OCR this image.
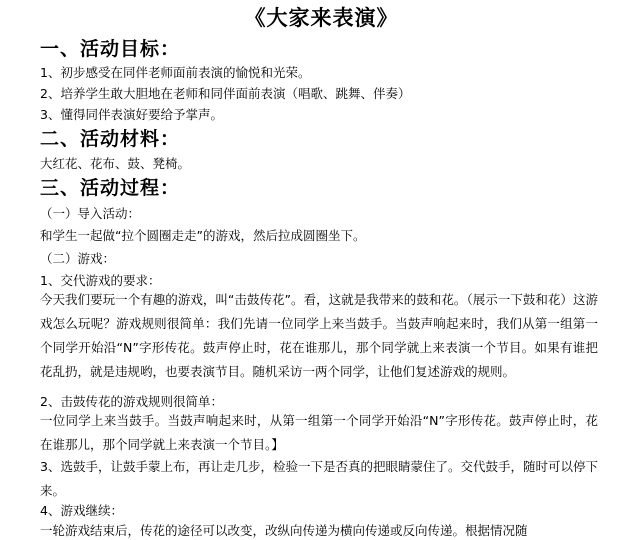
《大家来表演》
一、活动目标：
1、初步感受在同伴老师面前表演的愉悦和光荣。
2、培养学生敢大胆地在老师和同伴面前表演（唱歌、跳舞、伴奏）
3、懂得同伴表演好要给予掌声。
二、活动材料：
大红花、花布、鼓、凳椅。
三、活动过程：
（一）导入活动：
和学生一起做“拉个圆圈走走”的游戏，然后拉成圆圈坐下。
（二）游戏：
1、交代游戏的要求：
今天我们要玩一个有趣的游戏，叫“击鼓传花”。看，这就是我带来的鼓和花。（展示一下鼓和花）这游戏怎么玩呢？游戏规则很简单：我们先请一位同学上来当鼓手。当鼓声响起来时，我们从第一组第一个同学开始沿“N”字形传花。鼓声停止时，花在谁那儿，那个同学就上来表演一个节目。如果有谁把花乱扔，就是违规哟，也要表演节目。随机采访一两个同学，让他们复述游戏的规则。
2、击鼓传花的游戏规则很简单：
一位同学上来当鼓手。当鼓声响起来时，从第一组第一个同学开始沿“N”字形传花。鼓声停止时，花在谁那儿，那个同学就上来表演一个节目。】
3、选鼓手，让鼓手蒙上布，再让走几步，检验一下是否真的把眼睛蒙住了。交代鼓手，随时可以停下来。
4、游戏继续：
一轮游戏结束后，传花的途径可以改变，改纵向传递为横向传递或反向传递。根据情况随
